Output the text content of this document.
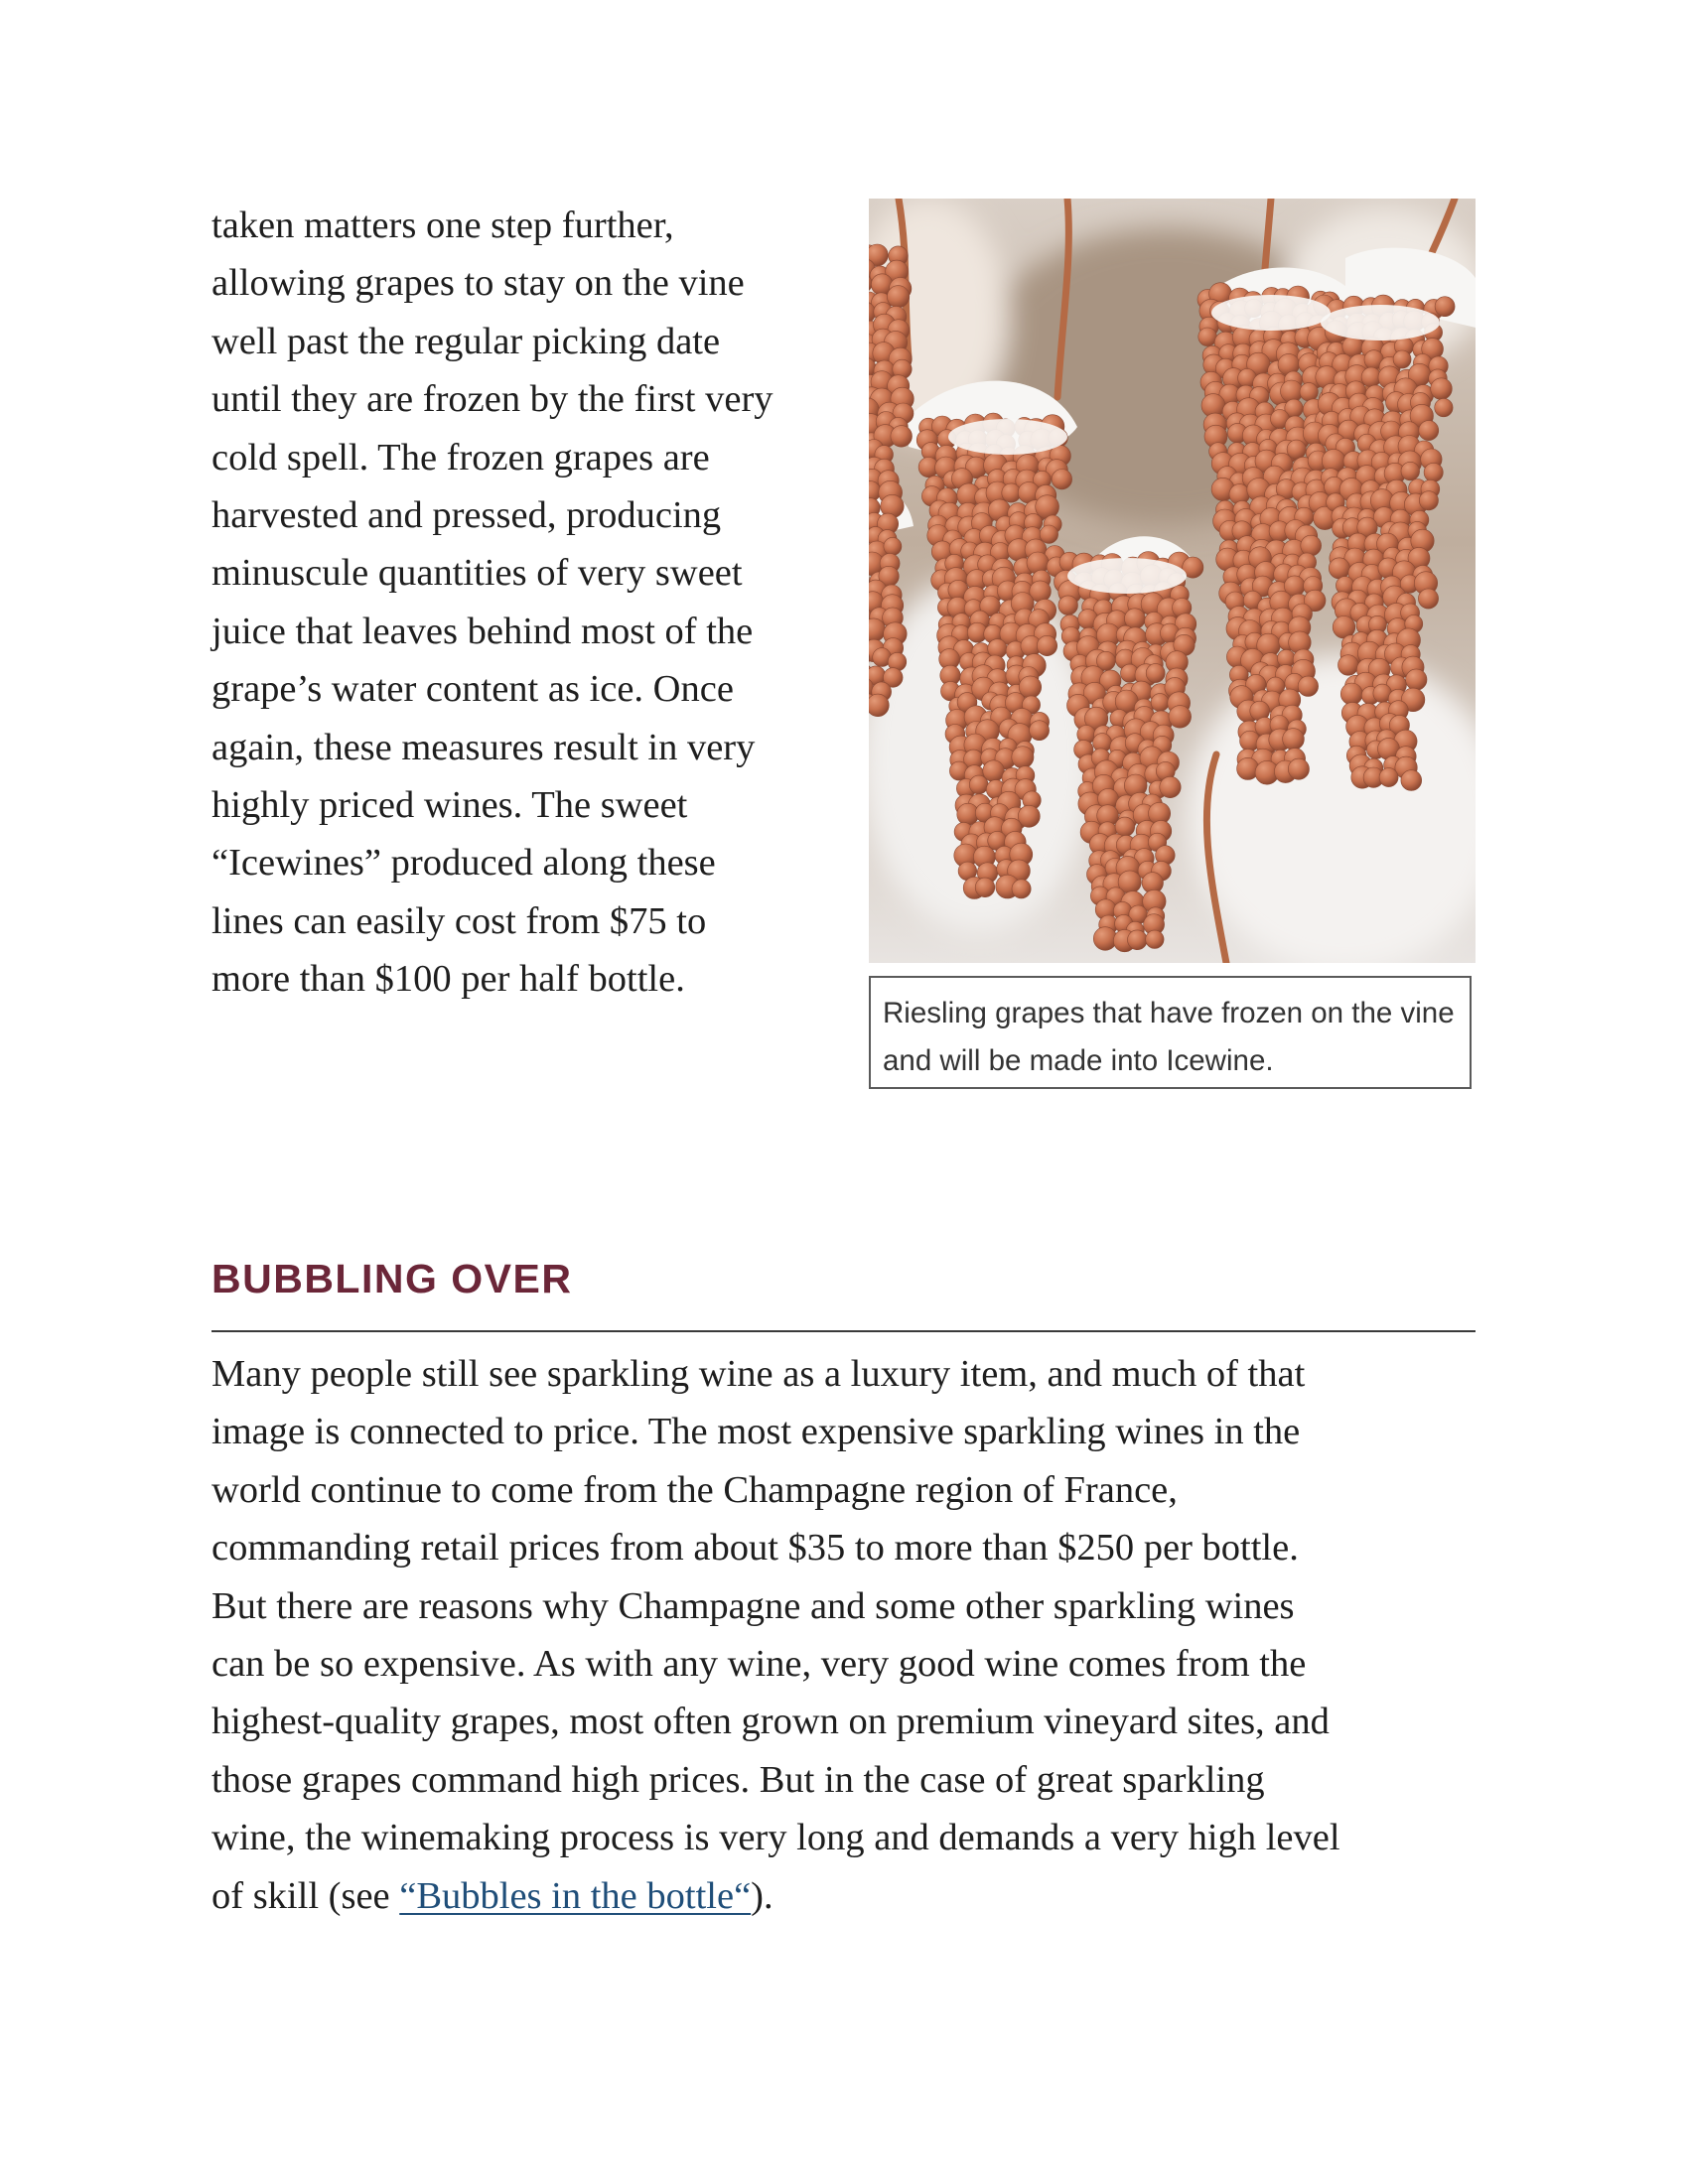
taken matters one step further,
allowing grapes to stay on the vine
well past the regular picking date
until they are frozen by the first very
cold spell. The frozen grapes are
harvested and pressed, producing
minuscule quantities of very sweet
juice that leaves behind most of the
grape’s water content as ice. Once
again, these measures result in very
highly priced wines. The sweet
“Icewines” produced along these
lines can easily cost from $75 to
more than $100 per half bottle.

Riesling grapes that have frozen on the vine
and will be made into Icewine.
BUBBLING OVER
Many people still see sparkling wine as a luxury item, and much of that
image is connected to price. The most expensive sparkling wines in the
world continue to come from the Champagne region of France,
commanding retail prices from about $35 to more than $250 per bottle.
But there are reasons why Champagne and some other sparkling wines
can be so expensive. As with any wine, very good wine comes from the
highest-quality grapes, most often grown on premium vineyard sites, and
those grapes command high prices. But in the case of great sparkling
wine, the winemaking process is very long and demands a very high level
of skill (see “Bubbles in the bottle“).
